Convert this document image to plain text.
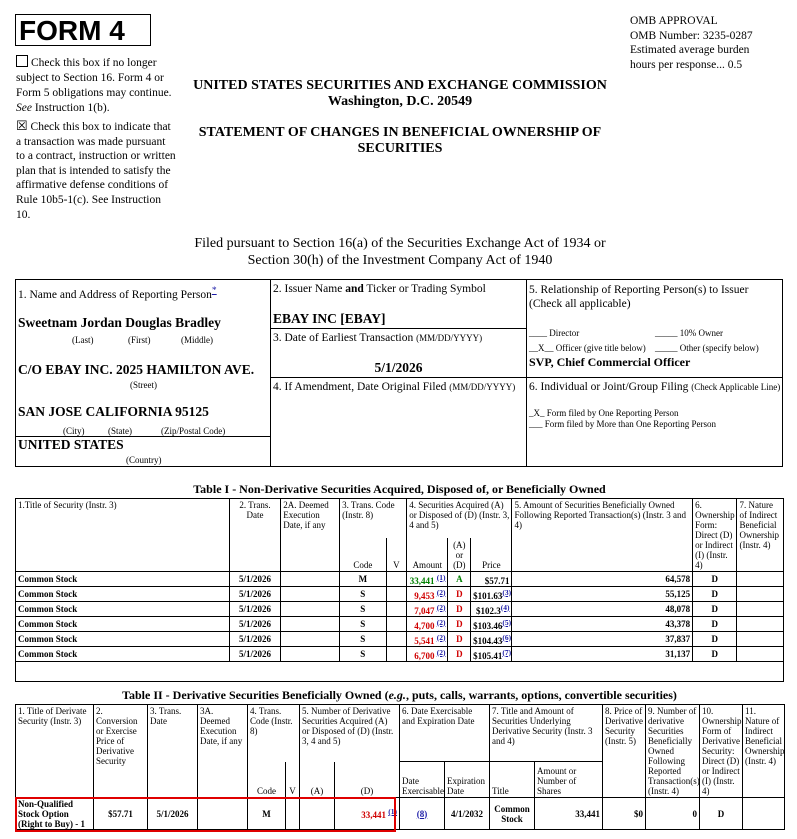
FORM 4
Check this box if no longer subject to Section 16. Form 4 or Form 5 obligations may continue. See Instruction 1(b).
☒ Check this box to indicate that a transaction was made pursuant to a contract, instruction or written plan that is intended to satisfy the affirmative defense conditions of Rule 10b5-1(c). See Instruction 10.
OMB APPROVAL
OMB Number: 3235-0287
Estimated average burden
hours per response... 0.5
UNITED STATES SECURITIES AND EXCHANGE COMMISSION
Washington, D.C. 20549
STATEMENT OF CHANGES IN BENEFICIAL OWNERSHIP OF SECURITIES
Filed pursuant to Section 16(a) of the Securities Exchange Act of 1934 or
Section 30(h) of the Investment Company Act of 1940
1. Name and Address of Reporting Person*
Sweetnam Jordan Douglas Bradley
(Last)	(First)	(Middle)
C/O EBAY INC. 2025 HAMILTON AVE.
(Street)
SAN JOSE CALIFORNIA 95125
(City)	(State)	(Zip/Postal Code)
UNITED STATES
(Country)
2. Issuer Name and Ticker or Trading Symbol
EBAY INC [EBAY]
3. Date of Earliest Transaction (MM/DD/YYYY)
5/1/2026
4. If Amendment, Date Original Filed (MM/DD/YYYY)
5. Relationship of Reporting Person(s) to Issuer
(Check all applicable)
____ Director	_____ 10% Owner
__X__ Officer (give title below) _____ Other (specify below)
SVP, Chief Commercial Officer
6. Individual or Joint/Group Filing (Check Applicable Line)
_X_ Form filed by One Reporting Person
___ Form filed by More than One Reporting Person
Table I - Non-Derivative Securities Acquired, Disposed of, or Beneficially Owned
1.Title of Security (Instr. 3)	2. Trans. Date	2A. Deemed Execution Date, if any	3. Trans. Code (Instr. 8)		4. Securities Acquired (A) or Disposed of (D) (Instr. 3, 4 and 5)			5. Amount of Securities Beneficially Owned Following Reported Transaction(s) (Instr. 3 and 4)	6. Ownership Form: Direct (D) or Indirect (I) (Instr. 4)	7. Nature of Indirect Beneficial Ownership (Instr. 4)
			Code	V	Amount	(A) or (D)	Price			
Common Stock	5/1/2026		M		33,441 $^{(1)}$	A	$57.71	64,578	D	
Common Stock	5/1/2026		S		9,453 $^{(2)}$	D	$101.63$^{(3)}$	55,125	D	
Common Stock	5/1/2026		S		7,047 $^{(2)}$	D	$102.3$^{(4)}$	48,078	D	
Common Stock	5/1/2026		S		4,700 $^{(2)}$	D	$103.46$^{(5)}$	43,378	D	
Common Stock	5/1/2026		S		5,541 $^{(2)}$	D	$104.43$^{(6)}$	37,837	D	
Common Stock	5/1/2026		S		6,700 $^{(2)}$	D	$105.41$^{(7)}$	31,137	D	

Table II - Derivative Securities Beneficially Owned (e.g., puts, calls, warrants, options, convertible securities)
1. Title of Derivate Security (Instr. 3)	2. Conversion or Exercise Price of Derivative Security	3. Trans. Date	3A. Deemed Execution Date, if any	4. Trans. Code (Instr. 8)		5. Number of Derivative Securities Acquired (A) or Disposed of (D) (Instr. 3, 4 and 5)		6. Date Exercisable and Expiration Date		7. Title and Amount of Securities Underlying Derivative Security (Instr. 3 and 4)		8. Price of Derivative Security (Instr. 5)	9. Number of derivative Securities Beneficially Owned Following Reported Transaction(s) (Instr. 4)	10. Ownership Form of Derivative Security: Direct (D) or Indirect (I) (Instr. 4)	11. Nature of Indirect Beneficial Ownership (Instr. 4)
				Code	V	(A)	(D)	Date Exercisable	Expiration Date	Title	Amount or Number of Shares				
Non-Qualified Stock Option (Right to Buy) - 1	$57.71	5/1/2026		M			33,441 $^{(1)}$	(8)	4/1/2032	Common Stock	33,441	$0	0	D	
